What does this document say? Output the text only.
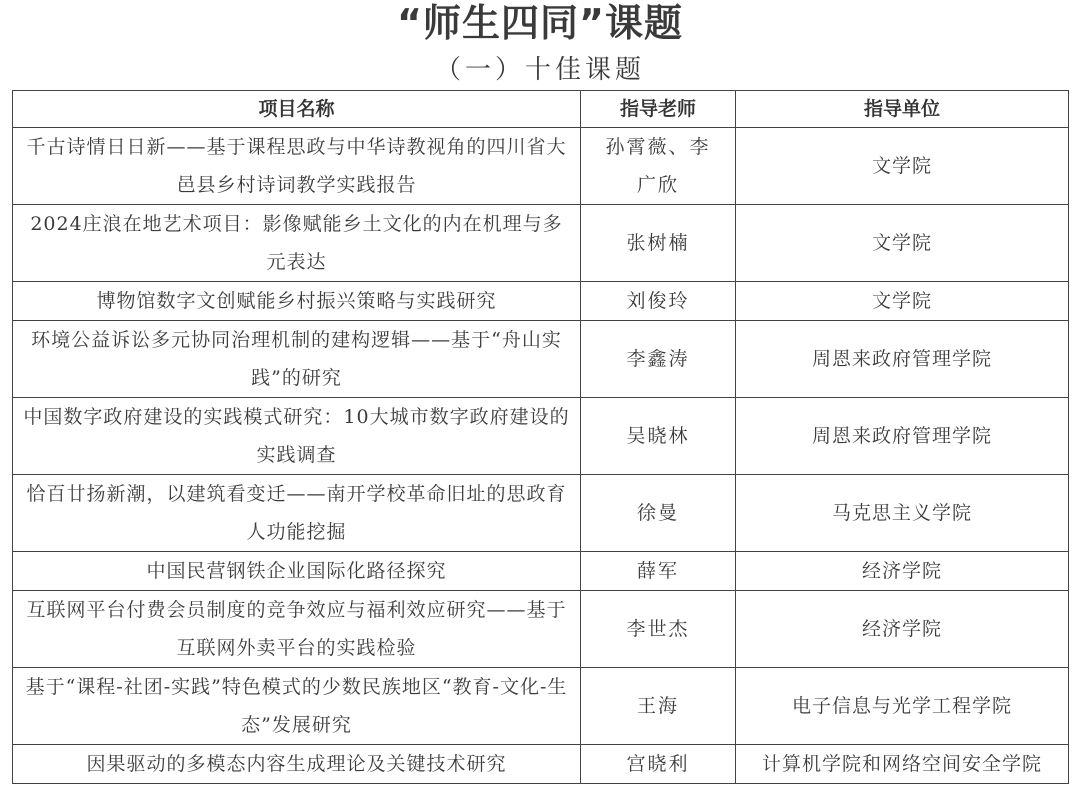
“师生四同”课题
（一）十佳课题
项目名称	指导老师	指导单位
千古诗情日日新——基于课程思政与中华诗教视角的四川省大邑县乡村诗词教学实践报告	孙霄薇、李广欣	文学院
2024庄浪在地艺术项目：影像赋能乡土文化的内在机理与多元表达	张树楠	文学院
博物馆数字文创赋能乡村振兴策略与实践研究	刘俊玲	文学院
环境公益诉讼多元协同治理机制的建构逻辑——基于“舟山实践”的研究	李鑫涛	周恩来政府管理学院
中国数字政府建设的实践模式研究：10大城市数字政府建设的实践调查	吴晓林	周恩来政府管理学院
恰百廿扬新潮，以建筑看变迁——南开学校革命旧址的思政育人功能挖掘	徐曼	马克思主义学院
中国民营钢铁企业国际化路径探究	薛军	经济学院
互联网平台付费会员制度的竞争效应与福利效应研究——基于互联网外卖平台的实践检验	李世杰	经济学院
基于“课程-社团-实践”特色模式的少数民族地区“教育-文化-生态”发展研究	王海	电子信息与光学工程学院
因果驱动的多模态内容生成理论及关键技术研究	宫晓利	计算机学院和网络空间安全学院
